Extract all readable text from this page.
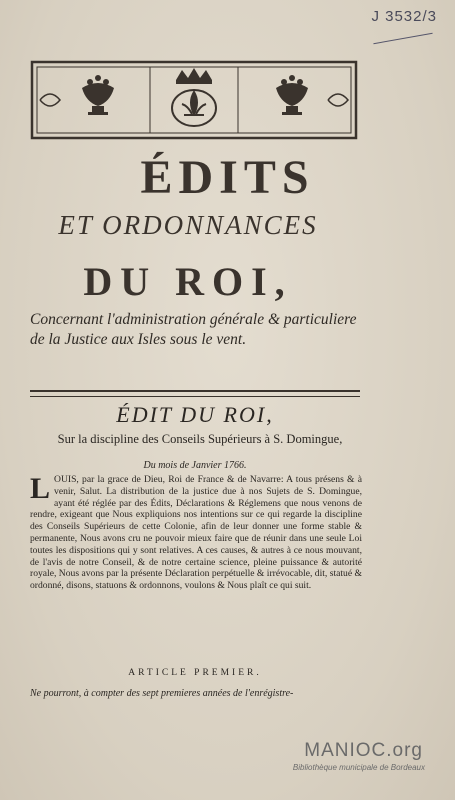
J 3532/3
ÉDITS
ET ORDONNANCES
DU ROI,
Concernant l'administration générale & particuliere de la Justice aux Isles sous le vent.
ÉDIT DU ROI,
Sur la discipline des Conseils Supérieurs à S. Domingue,
Du mois de Janvier 1766.
LOUIS, par la grace de Dieu, Roi de France & de Navarre: A tous présens & à venir, Salut. La distribution de la justice due à nos Sujets de S. Domingue, ayant été réglée par des Édits, Déclarations & Réglemens que nous venons de rendre, exigeant que Nous expliquions nos intentions sur ce qui regarde la discipline des Conseils Supérieurs de cette Colonie, afin de leur donner une forme stable & permanente, Nous avons cru ne pouvoir mieux faire que de réunir dans une seule Loi toutes les dispositions qui y sont relatives. A ces causes, & autres à ce nous mouvant, de l'avis de notre Conseil, & de notre certaine science, pleine puissance & autorité royale, Nous avons par la présente Déclaration perpétuelle & irrévocable, dit, statué & ordonné, disons, statuons & ordonnons, voulons & Nous plaît ce qui suit.
ARTICLE PREMIER.
Ne pourront, à compter des sept premieres années de l'enrégistre-
MANIOC.org
Bibliothèque municipale de Bordeaux
